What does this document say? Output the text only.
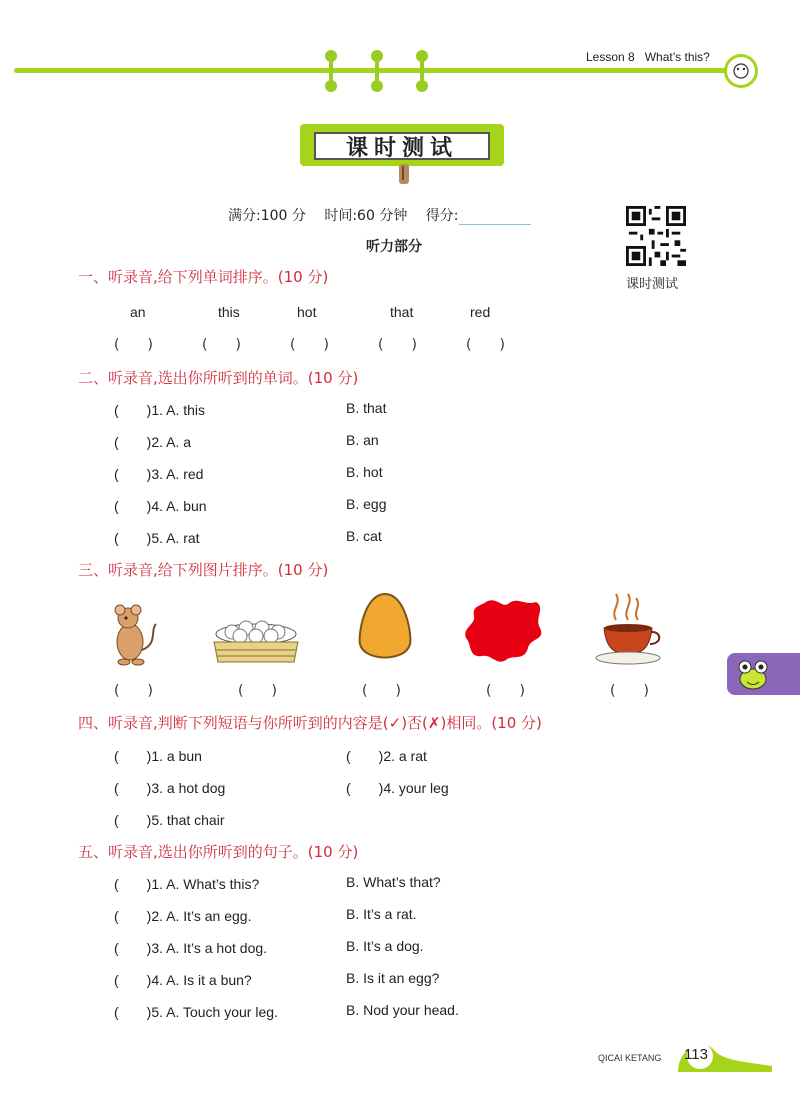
Lesson 8 What’s this?
课时测试
满分:100 分 时间:60 分钟 得分:
课时测试
听力部分
一、听录音,给下列单词排序。(10 分)
an	this	hot	that	red
(　　)	(　　)	(　　)	(　　)	(　　)
二、听录音,选出你所听到的单词。(10 分)
(　　)1. A. this	B. that
(　　)2. A. a	B. an
(　　)3. A. red	B. hot
(　　)4. A. bun	B. egg
(　　)5. A. rat	B. cat
三、听录音,给下列图片排序。(10 分)
(　　)	(　　)	(　　)	(　　)	(　　)
四、听录音,判断下列短语与你所听到的内容是(✓)否(✗)相同。(10 分)
(　　)1. a bun	(　　)2. a rat
(　　)3. a hot dog	(　　)4. your leg
(　　)5. that chair
五、听录音,选出你所听到的句子。(10 分)
(　　)1. A. What’s this?	B. What’s that?
(　　)2. A. It’s an egg.	B. It’s a rat.
(　　)3. A. It’s a hot dog.	B. It’s a dog.
(　　)4. A. Is it a bun?	B. Is it an egg?
(　　)5. A. Touch your leg.	B. Nod your head.
QICAI KETANG 113
